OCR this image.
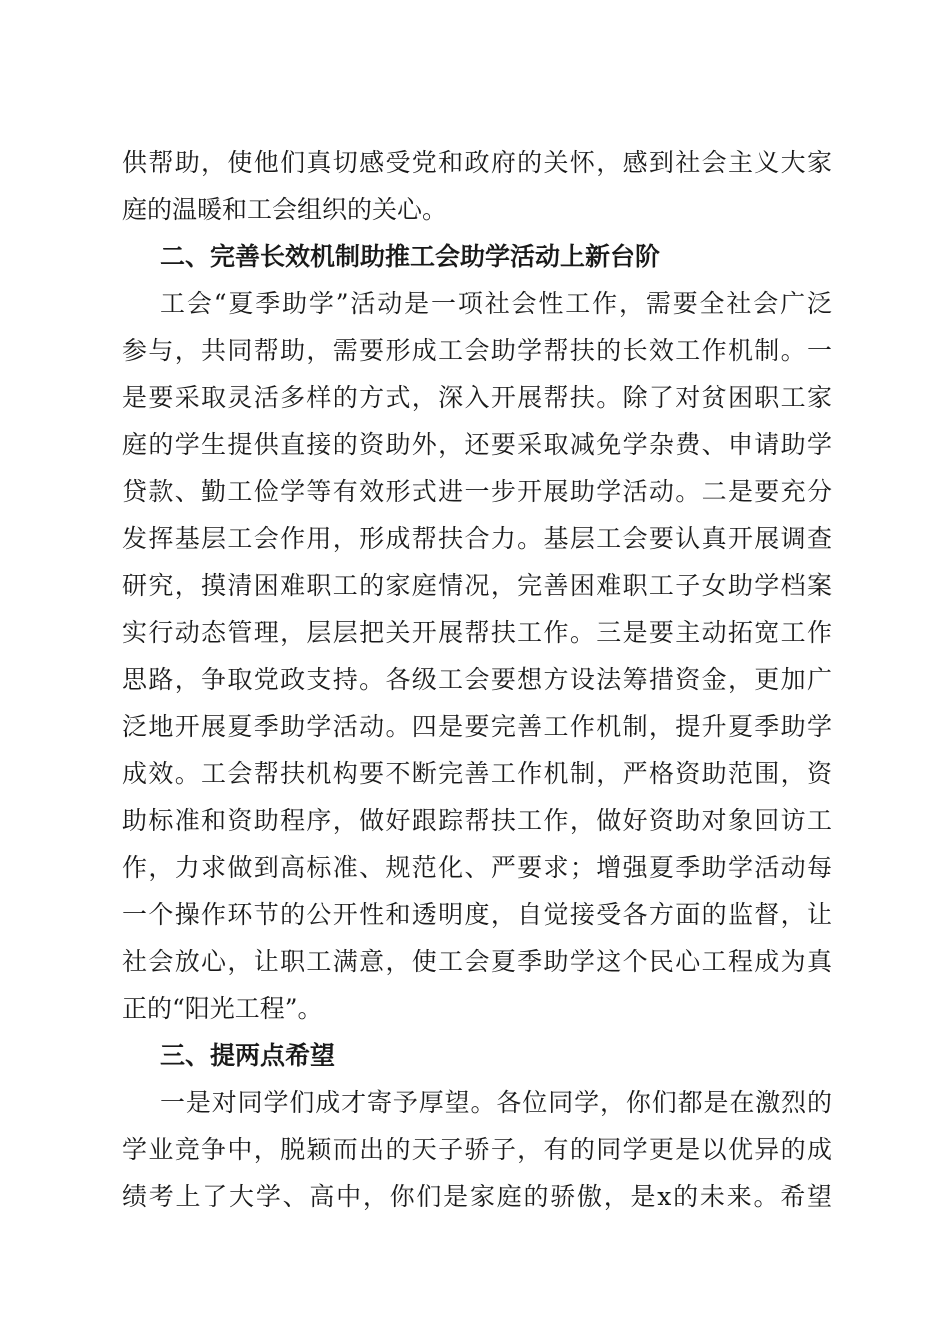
供帮助，使他们真切感受党和政府的关怀，感到社会主义大家
庭的温暖和工会组织的关心。
二、完善长效机制助推工会助学活动上新台阶
工会“夏季助学”活动是一项社会性工作，需要全社会广泛
参与，共同帮助，需要形成工会助学帮扶的长效工作机制。一
是要采取灵活多样的方式，深入开展帮扶。除了对贫困职工家
庭的学生提供直接的资助外，还要采取减免学杂费、申请助学
贷款、勤工俭学等有效形式进一步开展助学活动。二是要充分
发挥基层工会作用，形成帮扶合力。基层工会要认真开展调查
研究，摸清困难职工的家庭情况，完善困难职工子女助学档案
实行动态管理，层层把关开展帮扶工作。三是要主动拓宽工作
思路，争取党政支持。各级工会要想方设法筹措资金，更加广
泛地开展夏季助学活动。四是要完善工作机制，提升夏季助学
成效。工会帮扶机构要不断完善工作机制，严格资助范围，资
助标准和资助程序，做好跟踪帮扶工作，做好资助对象回访工
作，力求做到高标准、规范化、严要求；增强夏季助学活动每
一个操作环节的公开性和透明度，自觉接受各方面的监督，让
社会放心，让职工满意，使工会夏季助学这个民心工程成为真
正的“阳光工程”。
三、提两点希望
一是对同学们成才寄予厚望。各位同学，你们都是在激烈的
学业竞争中，脱颖而出的天子骄子，有的同学更是以优异的成
绩考上了大学、高中，你们是家庭的骄傲，是x的未来。希望
